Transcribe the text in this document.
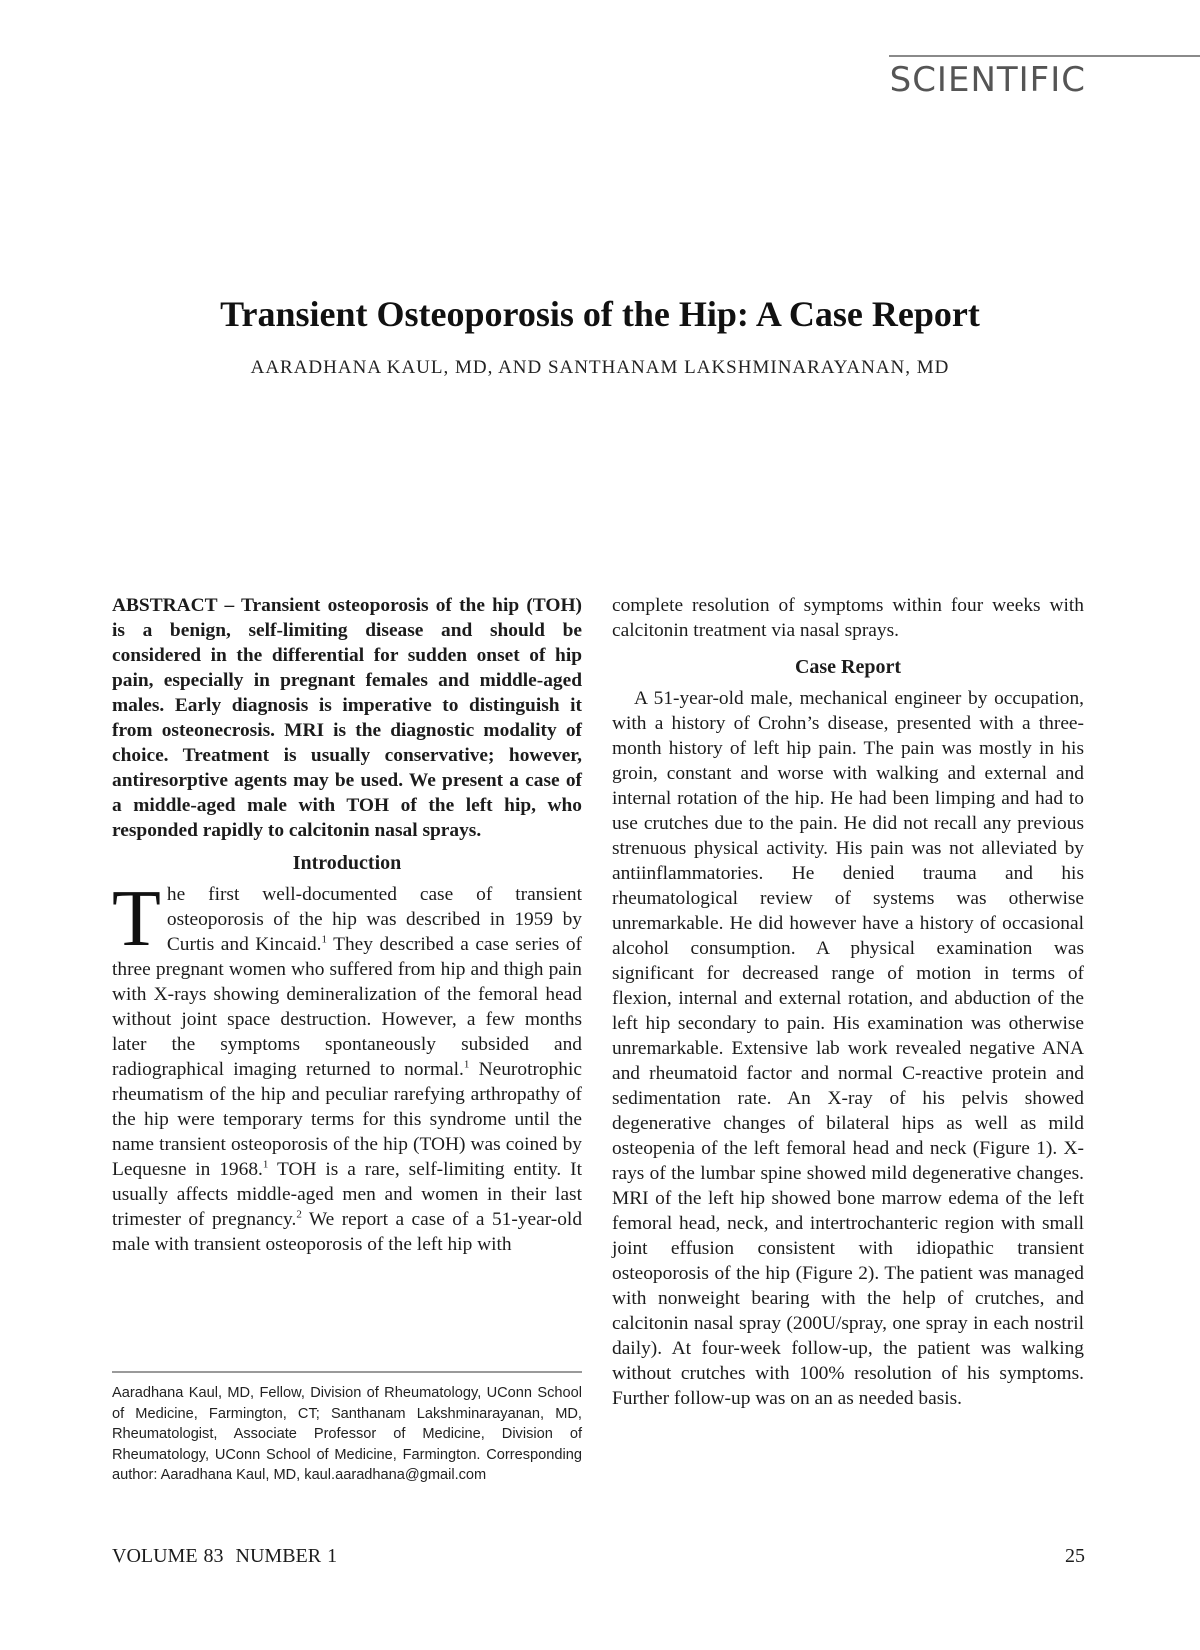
SCIENTIFIC
Transient Osteoporosis of the Hip: A Case Report
AARADHANA KAUL, MD, AND SANTHANAM LAKSHMINARAYANAN, MD

ABSTRACT – Transient osteoporosis of the hip (TOH) is a benign, self-limiting disease and should be considered in the differential for sudden onset of hip pain, especially in pregnant females and middle-aged males. Early diagnosis is imperative to distinguish it from osteonecrosis. MRI is the diagnostic modality of choice. Treatment is usually conservative; however, antiresorptive agents may be used. We present a case of a middle-aged male with TOH of the left hip, who responded rapidly to calcitonin nasal sprays.

Introduction

The first well-documented case of transient osteoporosis of the hip was described in 1959 by Curtis and Kincaid.$^1$ They described a case series of three pregnant women who suffered from hip and thigh pain with X-rays showing demineralization of the femoral head without joint space destruction. However, a few months later the symptoms spontaneously subsided and radiographical imaging returned to normal.$^1$ Neurotrophic rheumatism of the hip and peculiar rarefying arthropathy of the hip were temporary terms for this syndrome until the name transient osteoporosis of the hip (TOH) was coined by Lequesne in 1968.$^1$ TOH is a rare, self-limiting entity. It usually affects middle-aged men and women in their last trimester of pregnancy.$^2$ We report a case of a 51-year-old male with transient osteoporosis of the left hip with

complete resolution of symptoms within four weeks with calcitonin treatment via nasal sprays.

Case Report

A 51-year-old male, mechanical engineer by occupation, with a history of Crohn’s disease, presented with a three-month history of left hip pain. The pain was mostly in his groin, constant and worse with walking and external and internal rotation of the hip. He had been limping and had to use crutches due to the pain. He did not recall any previous strenuous physical activity. His pain was not alleviated by antiinflammatories. He denied trauma and his rheumatological review of systems was otherwise unremarkable. He did however have a history of occasional alcohol consumption. A physical examination was significant for decreased range of motion in terms of flexion, internal and external rotation, and abduction of the left hip secondary to pain. His examination was otherwise unremarkable. Extensive lab work revealed negative ANA and rheumatoid factor and normal C-reactive protein and sedimentation rate. An X-ray of his pelvis showed degenerative changes of bilateral hips as well as mild osteopenia of the left femoral head and neck (Figure 1). X-rays of the lumbar spine showed mild degenerative changes. MRI of the left hip showed bone marrow edema of the left femoral head, neck, and intertrochanteric region with small joint effusion consistent with idiopathic transient osteoporosis of the hip (Figure 2). The patient was managed with nonweight bearing with the help of crutches, and calcitonin nasal spray (200U/spray, one spray in each nostril daily). At four-week follow-up, the patient was walking without crutches with 100% resolution of his symptoms. Further follow-up was on an as needed basis.

Aaradhana Kaul, MD, Fellow, Division of Rheumatology, UConn School of Medicine, Farmington, CT; Santhanam Lakshminarayanan, MD, Rheumatologist, Associate Professor of Medicine, Division of Rheumatology, UConn School of Medicine, Farmington. Corresponding author: Aaradhana Kaul, MD, kaul.aaradhana@gmail.com
VOLUME 83 NUMBER 1	25
